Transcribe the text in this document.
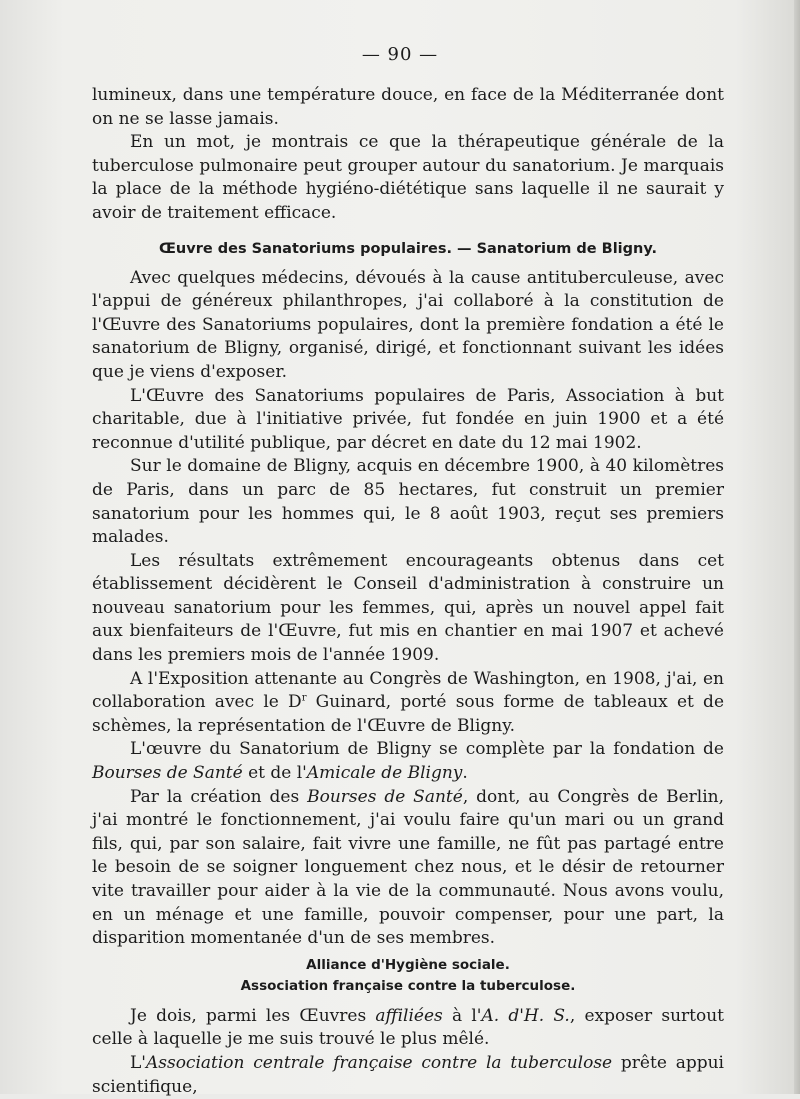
— 90 —

lumineux, dans une température douce, en face de la Méditerranée dont on ne se lasse jamais.

En un mot, je montrais ce que la thérapeutique générale de la tuberculose pulmonaire peut grouper autour du sanatorium. Je marquais la place de la méthode hygiéno-diététique sans laquelle il ne saurait y avoir de traitement efficace.

Œuvre des Sanatoriums populaires. — Sanatorium de Bligny.

Avec quelques médecins, dévoués à la cause antituberculeuse, avec l'appui de généreux philanthropes, j'ai collaboré à la constitution de l'Œuvre des Sanatoriums populaires, dont la première fondation a été le sanatorium de Bligny, organisé, dirigé, et fonctionnant suivant les idées que je viens d'exposer.

L'Œuvre des Sanatoriums populaires de Paris, Association à but charitable, due à l'initiative privée, fut fondée en juin 1900 et a été reconnue d'utilité publique, par décret en date du 12 mai 1902.

Sur le domaine de Bligny, acquis en décembre 1900, à 40 kilomètres de Paris, dans un parc de 85 hectares, fut construit un premier sanatorium pour les hommes qui, le 8 août 1903, reçut ses premiers malades.

Les résultats extrêmement encourageants obtenus dans cet établissement décidèrent le Conseil d'administration à construire un nouveau sanatorium pour les femmes, qui, après un nouvel appel fait aux bienfaiteurs de l'Œuvre, fut mis en chantier en mai 1907 et achevé dans les premiers mois de l'année 1909.

A l'Exposition attenante au Congrès de Washington, en 1908, j'ai, en collaboration avec le $D^r$ Guinard, porté sous forme de tableaux et de schèmes, la représentation de l'Œuvre de Bligny.

L'œuvre du Sanatorium de Bligny se complète par la fondation de Bourses de Santé et de l'Amicale de Bligny.

Par la création des Bourses de Santé, dont, au Congrès de Berlin, j'ai montré le fonctionnement, j'ai voulu faire qu'un mari ou un grand fils, qui, par son salaire, fait vivre une famille, ne fût pas partagé entre le besoin de se soigner longuement chez nous, et le désir de retourner vite travailler pour aider à la vie de la communauté. Nous avons voulu, en un ménage et une famille, pouvoir compenser, pour une part, la disparition momentanée d'un de ses membres.

Alliance d'Hygiène sociale.
Association française contre la tuberculose.

Je dois, parmi les Œuvres affiliées à l'A. d'H. S., exposer surtout celle à laquelle je me suis trouvé le plus mêlé.

L'Association centrale française contre la tuberculose prête appui scientifique,
